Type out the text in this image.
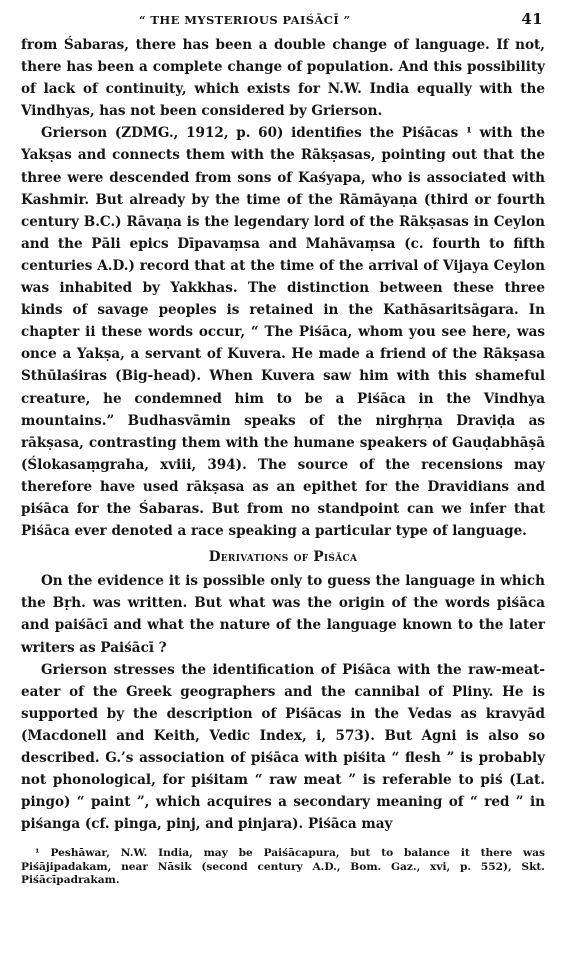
“ THE MYSTERIOUS PAIŚĀCĪ ”	41

from Śabaras, there has been a double change of language. If not, there has been a complete change of population. And this possibility of lack of continuity, which exists for N.W. India equally with the Vindhyas, has not been considered by Grierson.

Grierson (ZDMG., 1912, p. 60) identifies the Piśācas ¹ with the Yakṣas and connects them with the Rākṣasas, pointing out that the three were descended from sons of Kaśyapa, who is associated with Kashmir. But already by the time of the Rāmāyaṇa (third or fourth century B.C.) Rāvaṇa is the legendary lord of the Rākṣasas in Ceylon and the Pāli epics Dīpavaṃsa and Mahāvaṃsa (c. fourth to fifth centuries A.D.) record that at the time of the arrival of Vijaya Ceylon was inhabited by Yakkhas. The distinction between these three kinds of savage peoples is retained in the Kathāsaritsāgara. In chapter ii these words occur, “ The Piśāca, whom you see here, was once a Yakṣa, a servant of Kuvera. He made a friend of the Rākṣasa Sthūlaśiras (Big-head). When Kuvera saw him with this shameful creature, he condemned him to be a Piśāca in the Vindhya mountains.” Budhasvāmin speaks of the nirghṛṇa Draviḍa as rākṣasa, contrasting them with the humane speakers of Gauḍabhāṣā (Ślokasaṃgraha, xviii, 394). The source of the recensions may therefore have used rākṣasa as an epithet for the Dravidians and piśāca for the Śabaras. But from no standpoint can we infer that Piśāca ever denoted a race speaking a particular type of language.

Derivations of Piśāca

On the evidence it is possible only to guess the language in which the Bṛh. was written. But what was the origin of the words piśāca and paiśācī and what the nature of the language known to the later writers as Paiśācī ?

Grierson stresses the identification of Piśāca with the raw-meat-eater of the Greek geographers and the cannibal of Pliny. He is supported by the description of Piśācas in the Vedas as kravyād (Macdonell and Keith, Vedic Index, i, 573). But Agni is also so described. G.’s association of piśāca with piśita “ flesh ” is probably not phonological, for piśitam “ raw meat ” is referable to piś (Lat. pingo) “ paint ”, which acquires a secondary meaning of “ red ” in piśanga (cf. pinga, pinj, and pinjara). Piśāca may

¹ Peshāwar, N.W. India, may be Paiśācapura, but to balance it there was Piśājipadakam, near Nāsik (second century A.D., Bom. Gaz., xvi, p. 552), Skt. Piśācīpadrakam.
